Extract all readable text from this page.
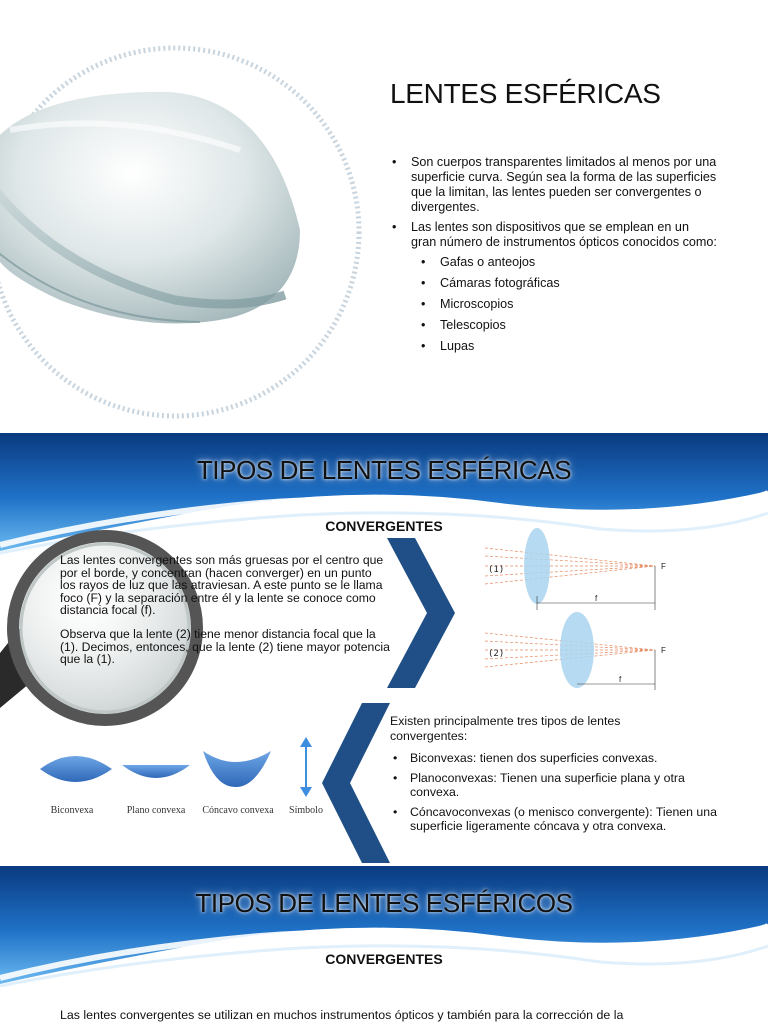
LENTES ESFÉRICAS
• Son cuerpos transparentes limitados al menos por una superficie curva. Según sea la forma de las superficies que la limitan, las lentes pueden ser convergentes o divergentes.
• Las lentes son dispositivos que se emplean en un gran número de instrumentos ópticos conocidos como:
• Gafas o anteojos
• Cámaras fotográficas
• Microscopios
• Telescopios
• Lupas
TIPOS DE LENTES ESFÉRICAS
CONVERGENTES

Las lentes convergentes son más gruesas por el centro que por el borde, y concentran (hacen converger) en un punto los rayos de luz que las atraviesan. A este punto se le llama foco (F) y la separación entre él y la lente se conoce como distancia focal (f).

Observa que la lente (2) tiene menor distancia focal que la (1). Decimos, entonces, que la lente (2) tiene mayor potencia que la (1).

(1)
(2)
F
F
f
f
Biconvexa	Plano convexa	Cóncavo convexa	Símbolo

Existen principalmente tres tipos de lentes convergentes:

• Biconvexas: tienen dos superficies convexas.
• Planoconvexas: Tienen una superficie plana y otra convexa.
• Cóncavoconvexas (o menisco convergente): Tienen una superficie ligeramente cóncava y otra convexa.
TIPOS DE LENTES ESFÉRICOS
CONVERGENTES

Las lentes convergentes se utilizan en muchos instrumentos ópticos y también para la corrección de la
